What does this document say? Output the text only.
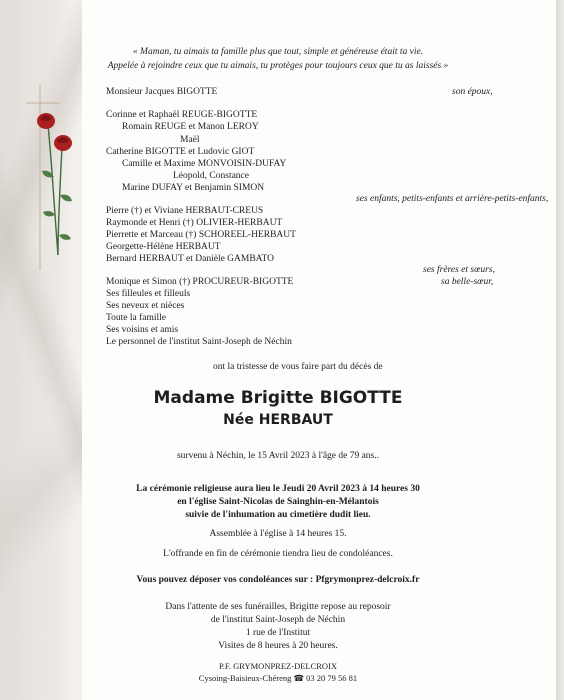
« Maman, tu aimais ta famille plus que tout, simple et généreuse était ta vie.
Appelée à rejoindre ceux que tu aimais, tu protèges pour toujours ceux que tu as laissés »
Monsieur Jacques BIGOTTE	son époux,
Corinne et Raphaël REUGE-BIGOTTE
Romain REUGE et Manon LEROY
Maël
Catherine BIGOTTE et Ludovic GIOT
Camille et Maxime MONVOISIN-DUFAY
Léopold, Constance
Marine DUFAY et Benjamin SIMON
ses enfants, petits-enfants et arrière-petits-enfants,
Pierre (†) et Viviane HERBAUT-CREUS
Raymonde et Henri (†) OLIVIER-HERBAUT
Pierrette et Marceau (†) SCHOREEL-HERBAUT
Georgette-Hélène HERBAUT
Bernard HERBAUT et Danièle GAMBATO
ses frères et sœurs,
Monique et Simon (†) PROCUREUR-BIGOTTE	sa belle-sœur,
Ses filleules et filleuls
Ses neveux et nièces
Toute la famille
Ses voisins et amis
Le personnel de l'institut Saint-Joseph de Néchin
ont la tristesse de vous faire part du décès de
Madame Brigitte BIGOTTE
Née HERBAUT
survenu à Néchin, le 15 Avril 2023 à l'âge de 79 ans..
La cérémonie religieuse aura lieu le Jeudi 20 Avril 2023 à 14 heures 30
en l'église Saint-Nicolas de Sainghin-en-Mélantois
suivie de l'inhumation au cimetière dudit lieu.
Assemblée à l'église à 14 heures 15.
L'offrande en fin de cérémonie tiendra lieu de condoléances.
Vous pouvez déposer vos condoléances sur : Pfgrymonprez-delcroix.fr
Dans l'attente de ses funérailles, Brigitte repose au reposoir
de l'institut Saint-Joseph de Néchin
1 rue de l'Institut
Visites de 8 heures à 20 heures.
P.F. GRYMONPREZ-DELCROIX
Cysoing-Baisieux-Chéreng ☎ 03 20 79 56 81
